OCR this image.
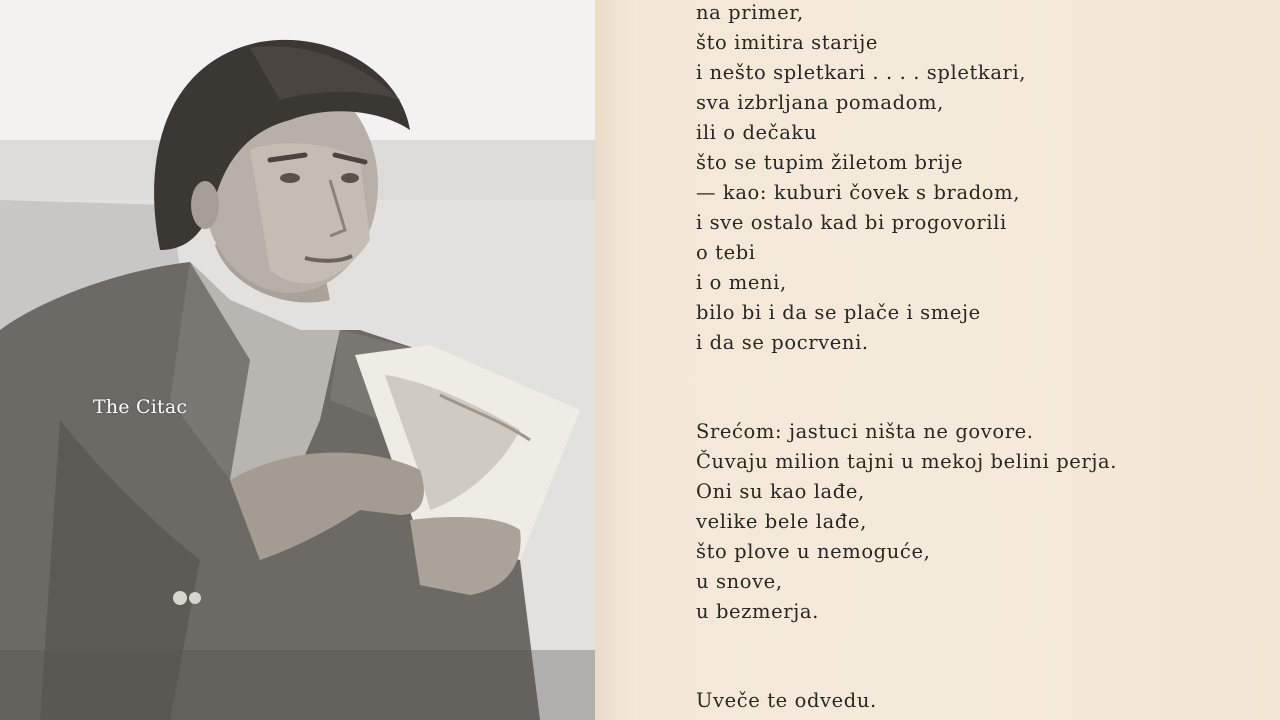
The Citac
na primer,
što imitira starije
i nešto spletkari . . . . spletkari,
sva izbrljana pomadom,
ili o dečaku
što se tupim žiletom brije
— kao: kuburi čovek s bradom,
i sve ostalo kad bi progovorili
o tebi
i o meni,
bilo bi i da se plače i smeje
i da se pocrveni.
Srećom: jastuci ništa ne govore.
Čuvaju milion tajni u mekoj belini perja.
Oni su kao lađe,
velike bele lađe,
što plove u nemoguće,
u snove,
u bezmerja.
Uveče te odvedu.
